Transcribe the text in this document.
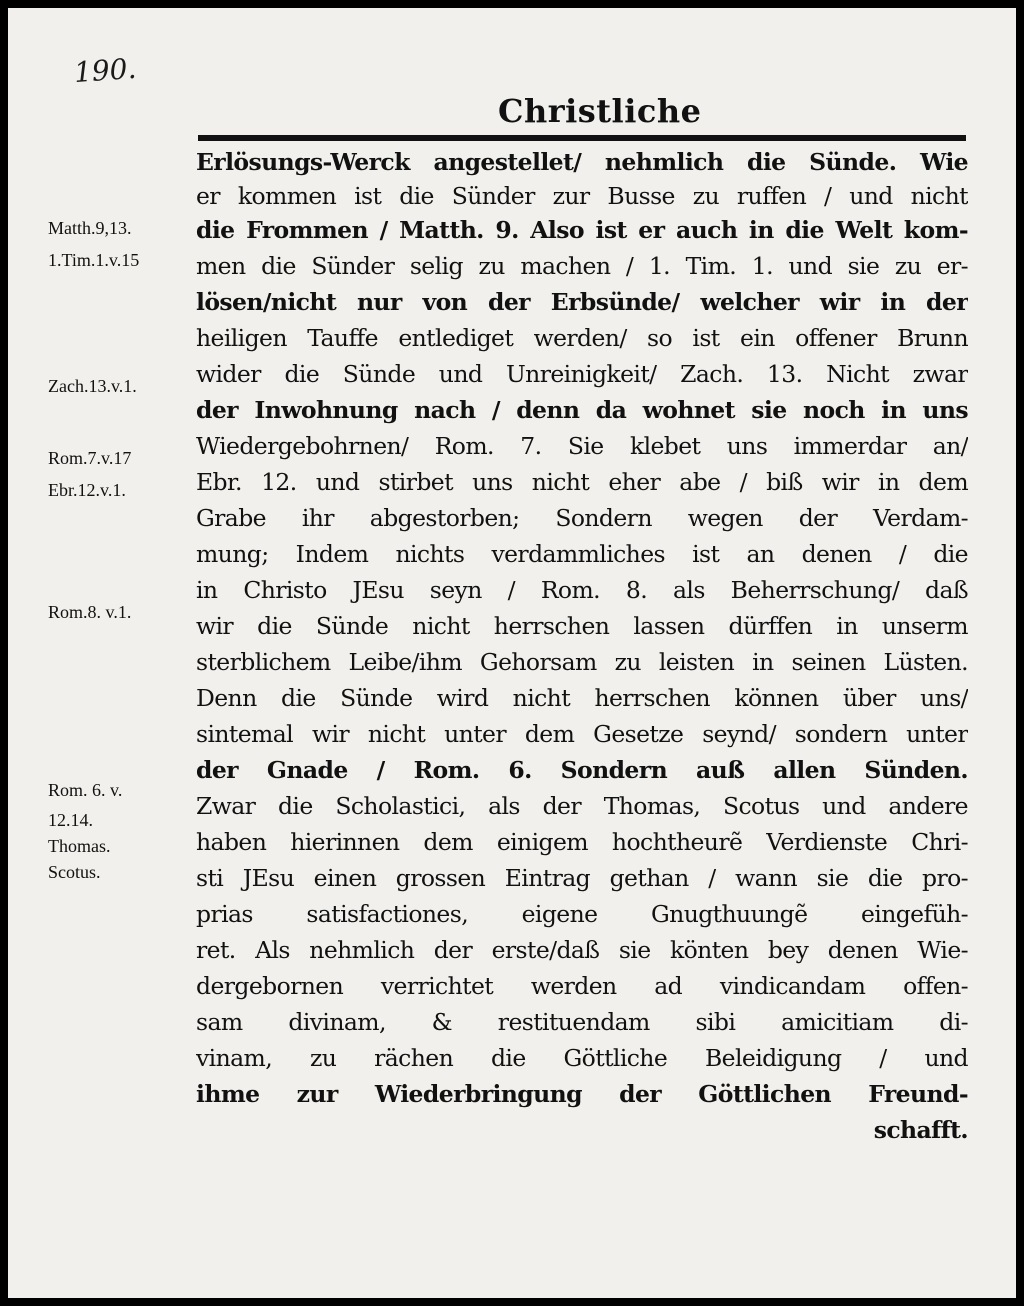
190.
Christliche
Matth.9,13.
1.Tim.1.v.15
Zach.13.v.1.
Rom.7.v.17
Ebr.12.v.1.
Rom.8. v.1.
Rom. 6. v.
12.14.
Thomas.
Scotus.
Erlösungs-Werck angestellet/ nehmlich die Sünde. Wie
er kommen ist die Sünder zur Busse zu ruffen / und nicht
die Frommen / Matth. 9. Also ist er auch in die Welt kom-
men die Sünder selig zu machen / 1. Tim. 1. und sie zu er-
lösen/nicht nur von der Erbsünde/ welcher wir in der
heiligen Tauffe entlediget werden/ so ist ein offener Brunn
wider die Sünde und Unreinigkeit/ Zach. 13. Nicht zwar
der Inwohnung nach / denn da wohnet sie noch in uns
Wiedergebohrnen/ Rom. 7. Sie klebet uns immerdar an/
Ebr. 12. und stirbet uns nicht eher abe / biß wir in dem
Grabe ihr abgestorben; Sondern wegen der Verdam-
mung; Indem nichts verdammliches ist an denen / die
in Christo JEsu seyn / Rom. 8. als Beherrschung/ daß
wir die Sünde nicht herrschen lassen dürffen in unserm
sterblichem Leibe/ihm Gehorsam zu leisten in seinen Lüsten.
Denn die Sünde wird nicht herrschen können über uns/
sintemal wir nicht unter dem Gesetze seynd/ sondern unter
der Gnade / Rom. 6. Sondern auß allen Sünden.
Zwar die Scholastici, als der Thomas, Scotus und andere
haben hierinnen dem einigem hochtheurẽ Verdienste Chri-
sti JEsu einen grossen Eintrag gethan / wann sie die pro-
prias satisfactiones, eigene Gnugthuungẽ eingefüh-
ret. Als nehmlich der erste/daß sie könten bey denen Wie-
dergebornen verrichtet werden ad vindicandam offen-
sam divinam, & restituendam sibi amicitiam di-
vinam, zu rächen die Göttliche Beleidigung / und
ihme zur Wiederbringung der Göttlichen Freund-
schafft.
